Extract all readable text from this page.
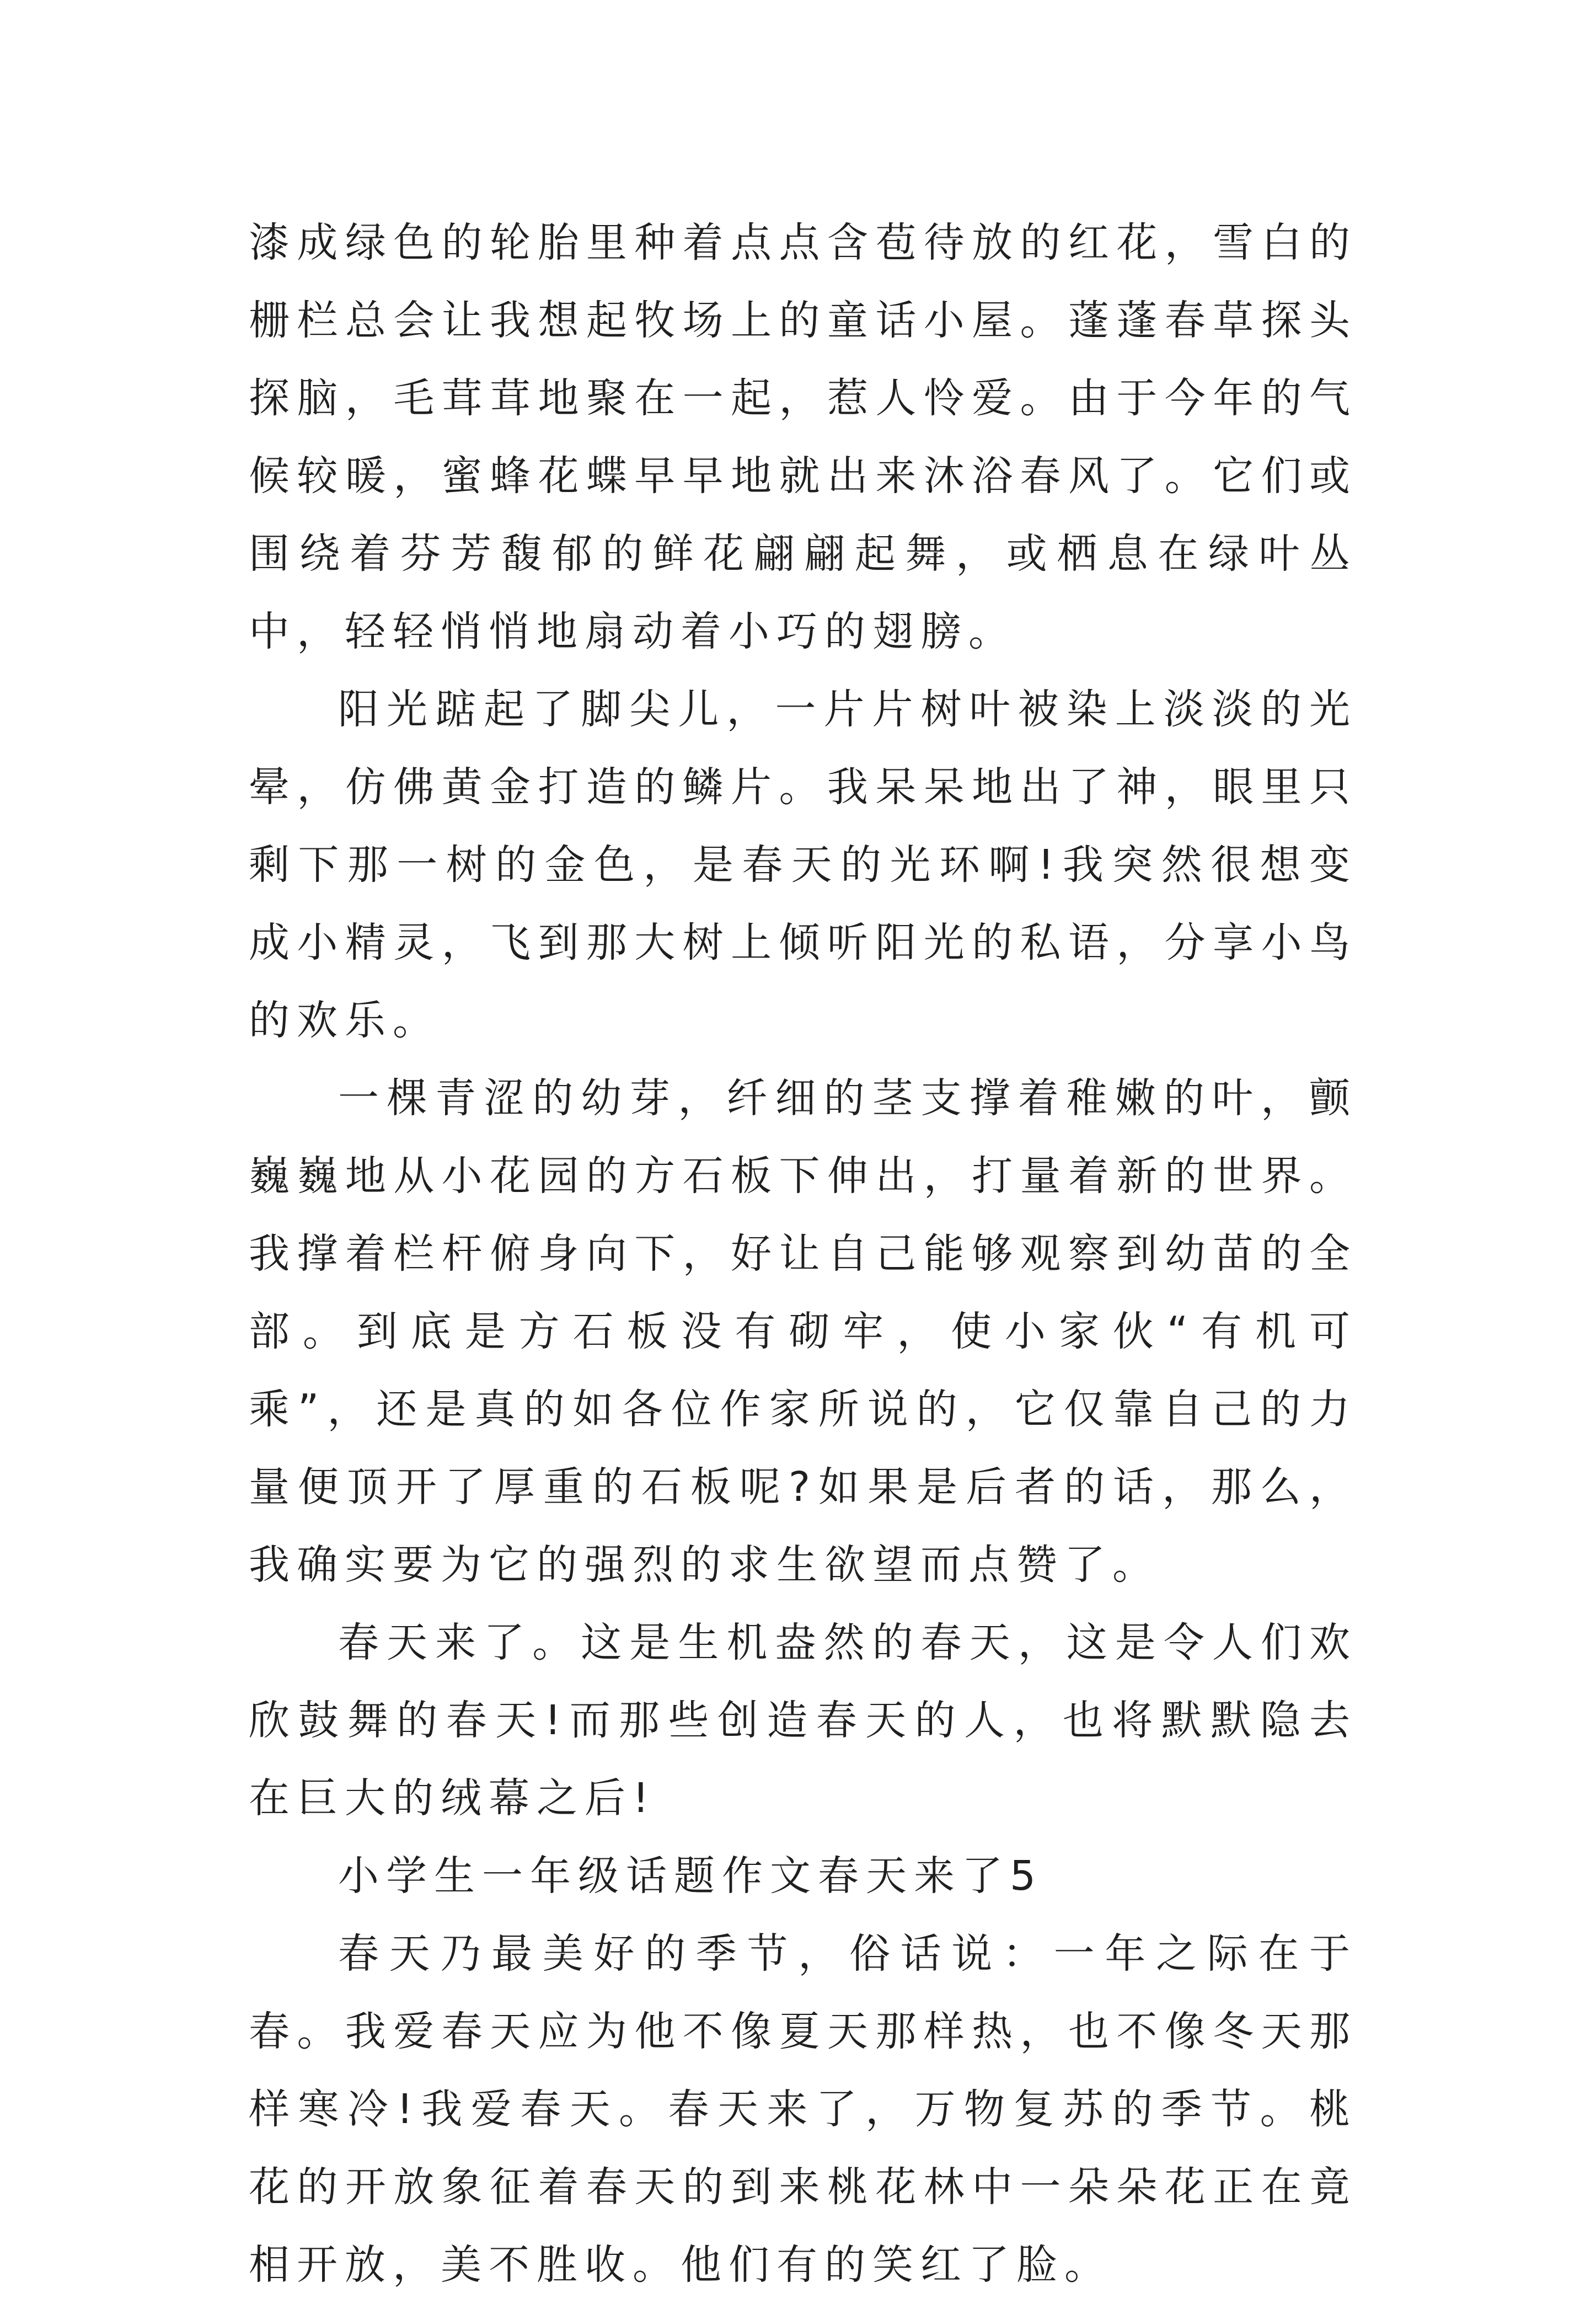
漆成绿色的轮胎里种着点点含苞待放的红花，雪白的栅栏总会让我想起牧场上的童话小屋。蓬蓬春草探头探脑，毛茸茸地聚在一起，惹人怜爱。由于今年的气候较暖，蜜蜂花蝶早早地就出来沐浴春风了。它们或围绕着芬芳馥郁的鲜花翩翩起舞，或栖息在绿叶丛中，轻轻悄悄地扇动着小巧的翅膀。

阳光踮起了脚尖儿，一片片树叶被染上淡淡的光晕，仿佛黄金打造的鳞片。我呆呆地出了神，眼里只剩下那一树的金色，是春天的光环啊!我突然很想变成小精灵，飞到那大树上倾听阳光的私语，分享小鸟的欢乐。

一棵青涩的幼芽，纤细的茎支撑着稚嫩的叶，颤巍巍地从小花园的方石板下伸出，打量着新的世界。我撑着栏杆俯身向下，好让自己能够观察到幼苗的全部。到底是方石板没有砌牢，使小家伙“有机可乘”，还是真的如各位作家所说的，它仅靠自己的力量便顶开了厚重的石板呢?如果是后者的话，那么，我确实要为它的强烈的求生欲望而点赞了。

春天来了。这是生机盎然的春天，这是令人们欢欣鼓舞的春天!而那些创造春天的人，也将默默隐去在巨大的绒幕之后!

小学生一年级话题作文春天来了5

春天乃最美好的季节，俗话说：一年之际在于春。我爱春天应为他不像夏天那样热，也不像冬天那样寒冷!我爱春天。春天来了，万物复苏的季节。桃花的开放象征着春天的到来桃花林中一朵朵花正在竟相开放，美不胜收。他们有的笑红了脸。
